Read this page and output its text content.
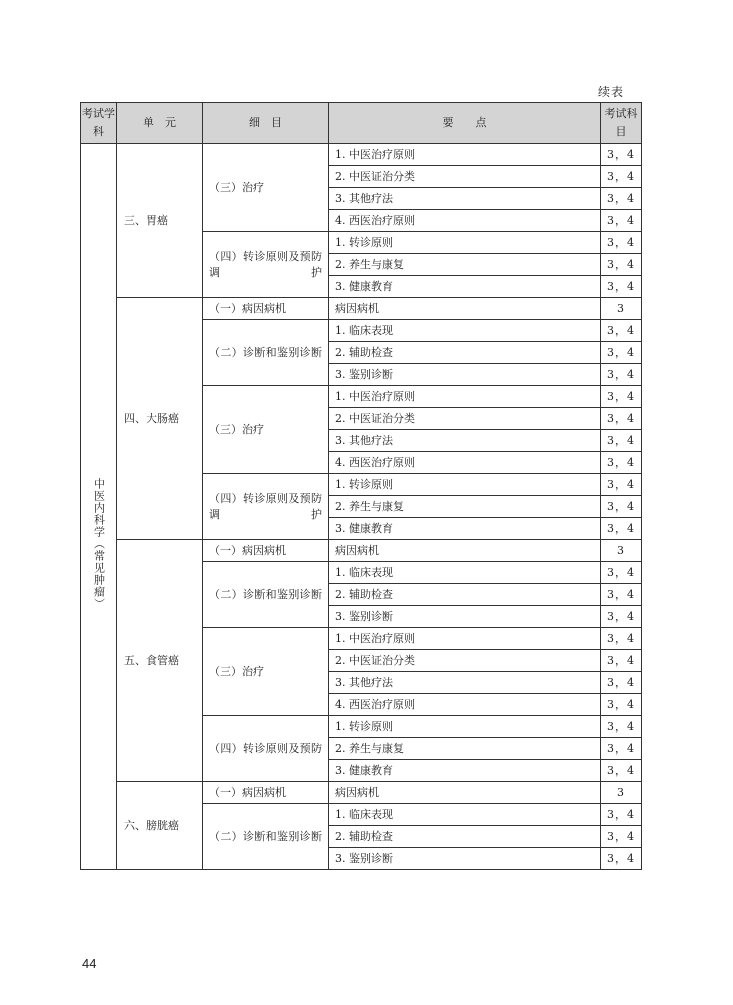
续表
考试学科	单　元	细　目	要　　点	考试科目
中医内科学（常见肿瘤）	三、胃癌	（三）治疗	1. 中医治疗原则	3，4
			2. 中医证治分类	3，4
			3. 其他疗法	3，4
			4. 西医治疗原则	3，4
		（四）转诊原则及预防调护	1. 转诊原则	3，4
			2. 养生与康复	3，4
			3. 健康教育	3，4
	四、大肠癌	（一）病因病机	病因病机	3
		（二）诊断和鉴别诊断	1. 临床表现	3，4
			2. 辅助检查	3，4
			3. 鉴别诊断	3，4
		（三）治疗	1. 中医治疗原则	3，4
			2. 中医证治分类	3，4
			3. 其他疗法	3，4
			4. 西医治疗原则	3，4
		（四）转诊原则及预防调护	1. 转诊原则	3，4
			2. 养生与康复	3，4
			3. 健康教育	3，4
	五、食管癌	（一）病因病机	病因病机	3
		（二）诊断和鉴别诊断	1. 临床表现	3，4
			2. 辅助检查	3，4
			3. 鉴别诊断	3，4
		（三）治疗	1. 中医治疗原则	3，4
			2. 中医证治分类	3，4
			3. 其他疗法	3，4
			4. 西医治疗原则	3，4
		（四）转诊原则及预防	1. 转诊原则	3，4
			2. 养生与康复	3，4
			3. 健康教育	3，4
	六、膀胱癌	（一）病因病机	病因病机	3
		（二）诊断和鉴别诊断	1. 临床表现	3，4
			2. 辅助检查	3，4
			3. 鉴别诊断	3，4
44
